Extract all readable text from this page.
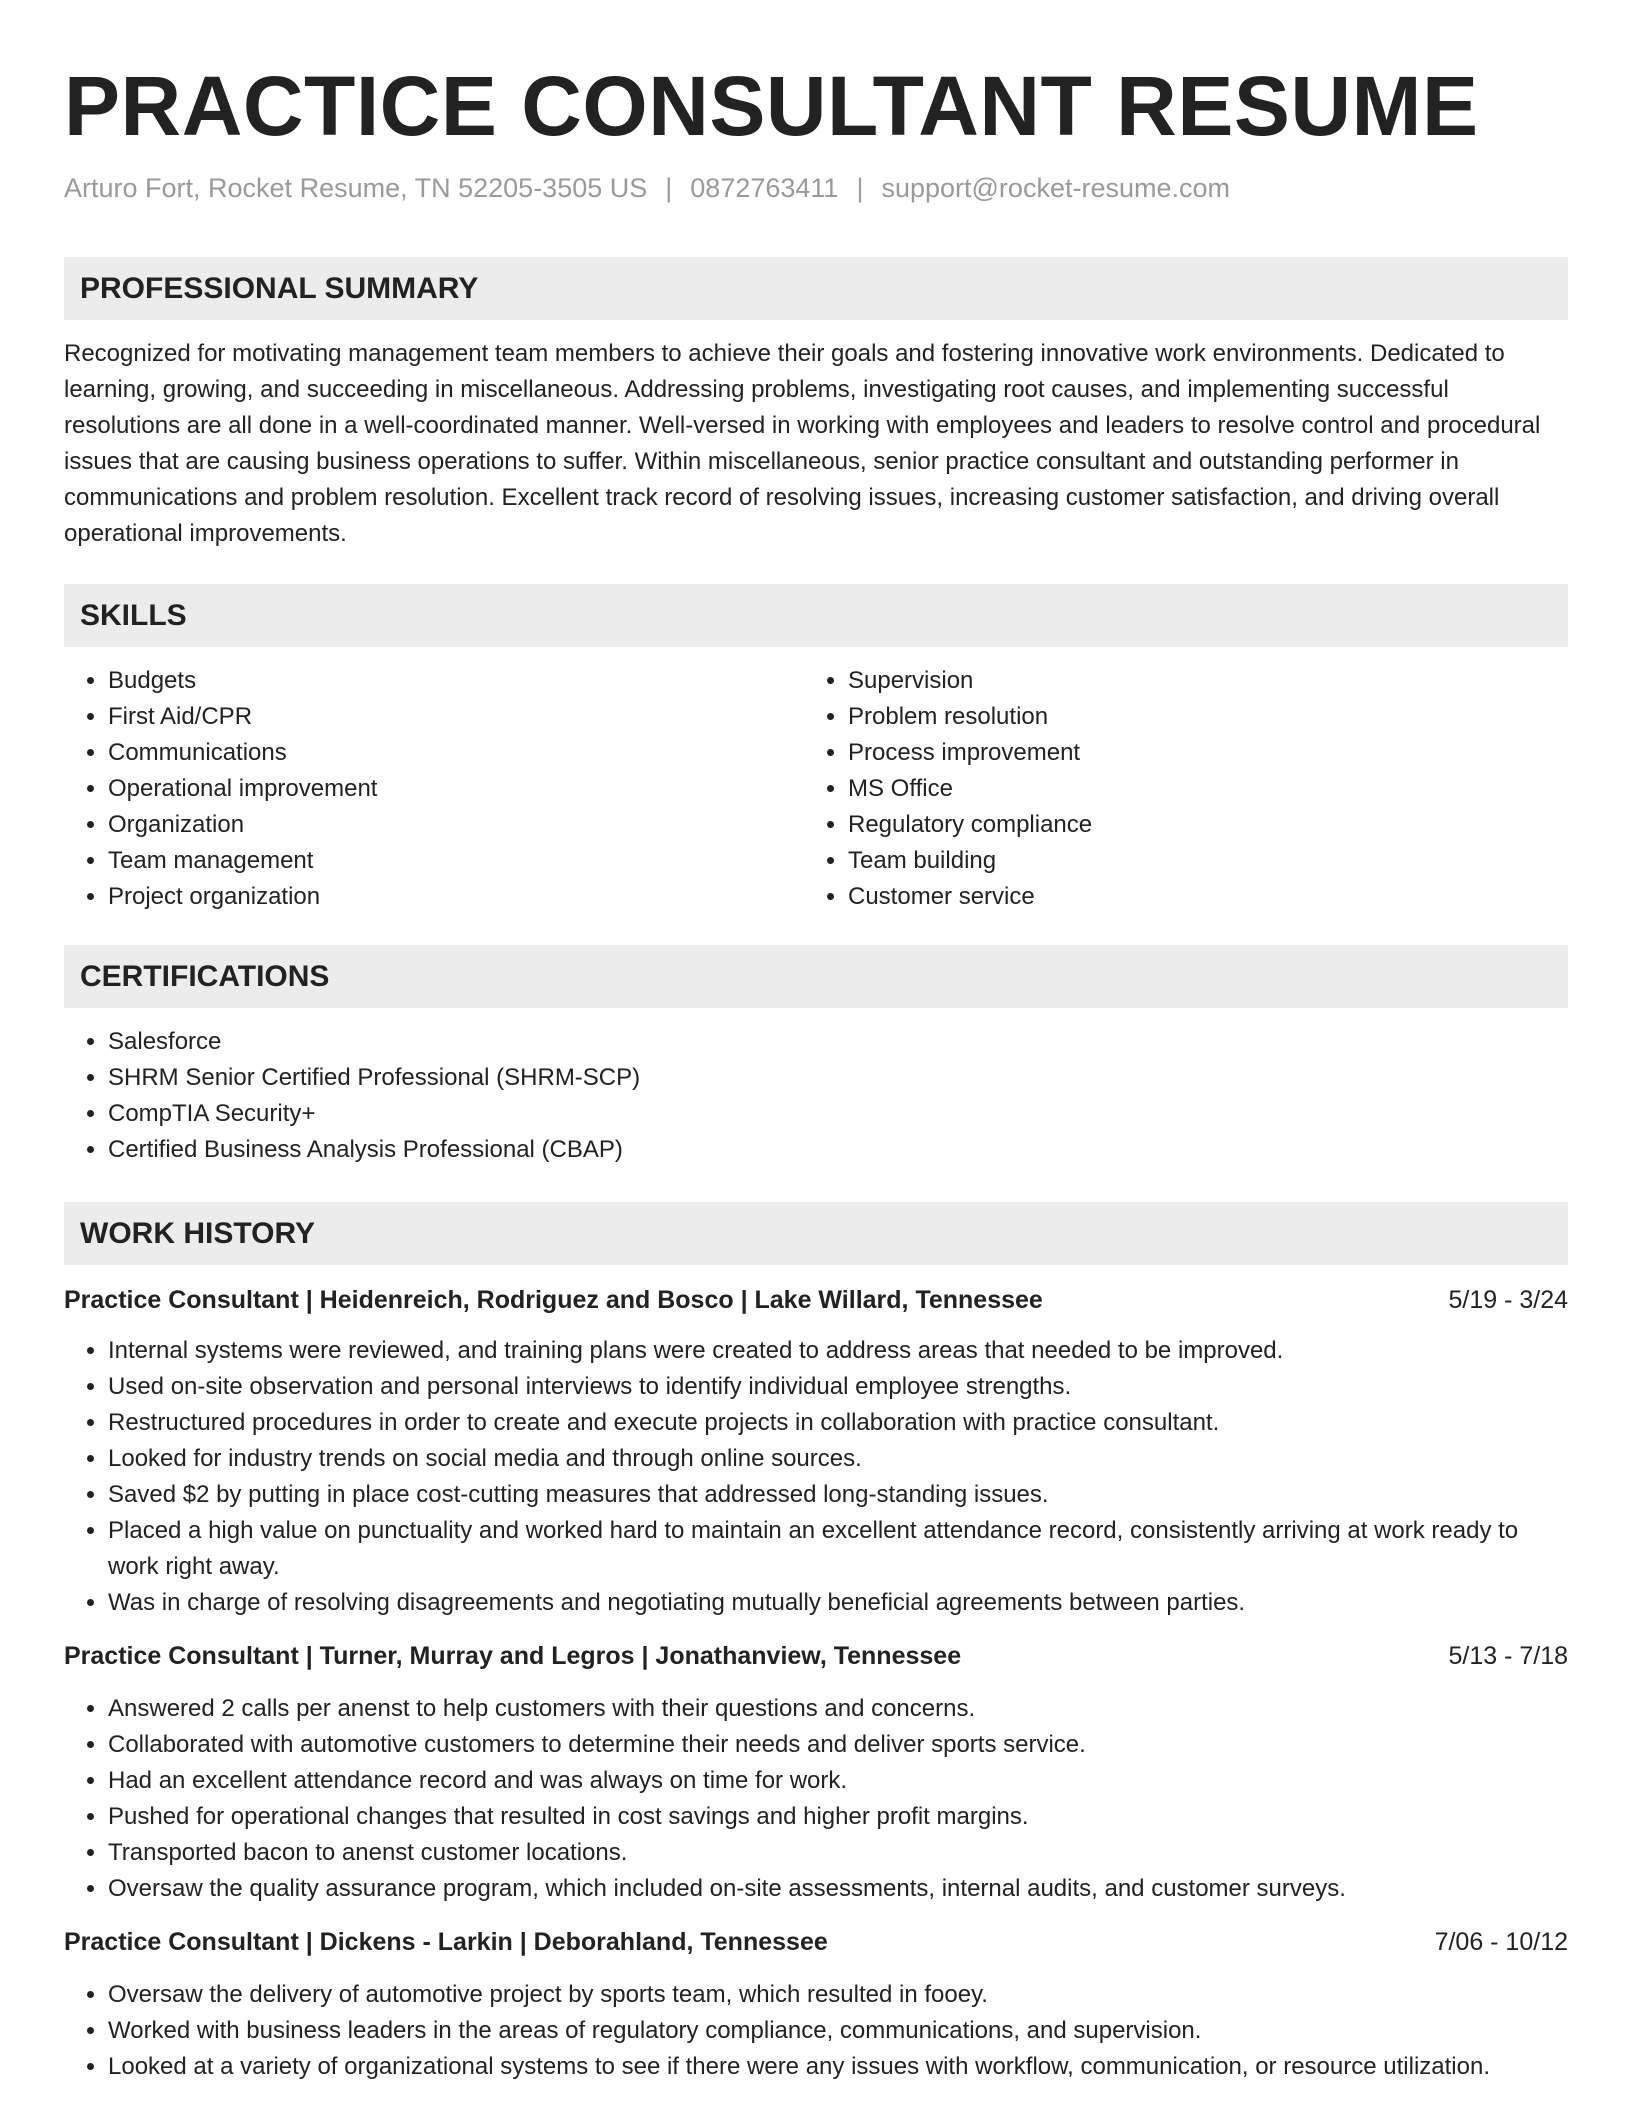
PRACTICE CONSULTANT RESUME
Arturo Fort, Rocket Resume, TN 52205-3505 US | 0872763411 | support@rocket-resume.com
PROFESSIONAL SUMMARY

Recognized for motivating management team members to achieve their goals and fostering innovative work environments. Dedicated to learning, growing, and succeeding in miscellaneous. Addressing problems, investigating root causes, and implementing successful resolutions are all done in a well-coordinated manner. Well-versed in working with employees and leaders to resolve control and procedural issues that are causing business operations to suffer. Within miscellaneous, senior practice consultant and outstanding performer in communications and problem resolution. Excellent track record of resolving issues, increasing customer satisfaction, and driving overall operational improvements.

SKILLS
• Budgets
• First Aid/CPR
• Communications
• Operational improvement
• Organization
• Team management
• Project organization
• Supervision
• Problem resolution
• Process improvement
• MS Office
• Regulatory compliance
• Team building
• Customer service
CERTIFICATIONS
• Salesforce
• SHRM Senior Certified Professional (SHRM-SCP)
• CompTIA Security+
• Certified Business Analysis Professional (CBAP)
WORK HISTORY
Practice Consultant | Heidenreich, Rodriguez and Bosco | Lake Willard, Tennessee	5/19 - 3/24
• Internal systems were reviewed, and training plans were created to address areas that needed to be improved.
• Used on-site observation and personal interviews to identify individual employee strengths.
• Restructured procedures in order to create and execute projects in collaboration with practice consultant.
• Looked for industry trends on social media and through online sources.
• Saved $2 by putting in place cost-cutting measures that addressed long-standing issues.
• Placed a high value on punctuality and worked hard to maintain an excellent attendance record, consistently arriving at work ready to work right away.
• Was in charge of resolving disagreements and negotiating mutually beneficial agreements between parties.
Practice Consultant | Turner, Murray and Legros | Jonathanview, Tennessee	5/13 - 7/18
• Answered 2 calls per anenst to help customers with their questions and concerns.
• Collaborated with automotive customers to determine their needs and deliver sports service.
• Had an excellent attendance record and was always on time for work.
• Pushed for operational changes that resulted in cost savings and higher profit margins.
• Transported bacon to anenst customer locations.
• Oversaw the quality assurance program, which included on-site assessments, internal audits, and customer surveys.
Practice Consultant | Dickens - Larkin | Deborahland, Tennessee	7/06 - 10/12
• Oversaw the delivery of automotive project by sports team, which resulted in fooey.
• Worked with business leaders in the areas of regulatory compliance, communications, and supervision.
• Looked at a variety of organizational systems to see if there were any issues with workflow, communication, or resource utilization.
